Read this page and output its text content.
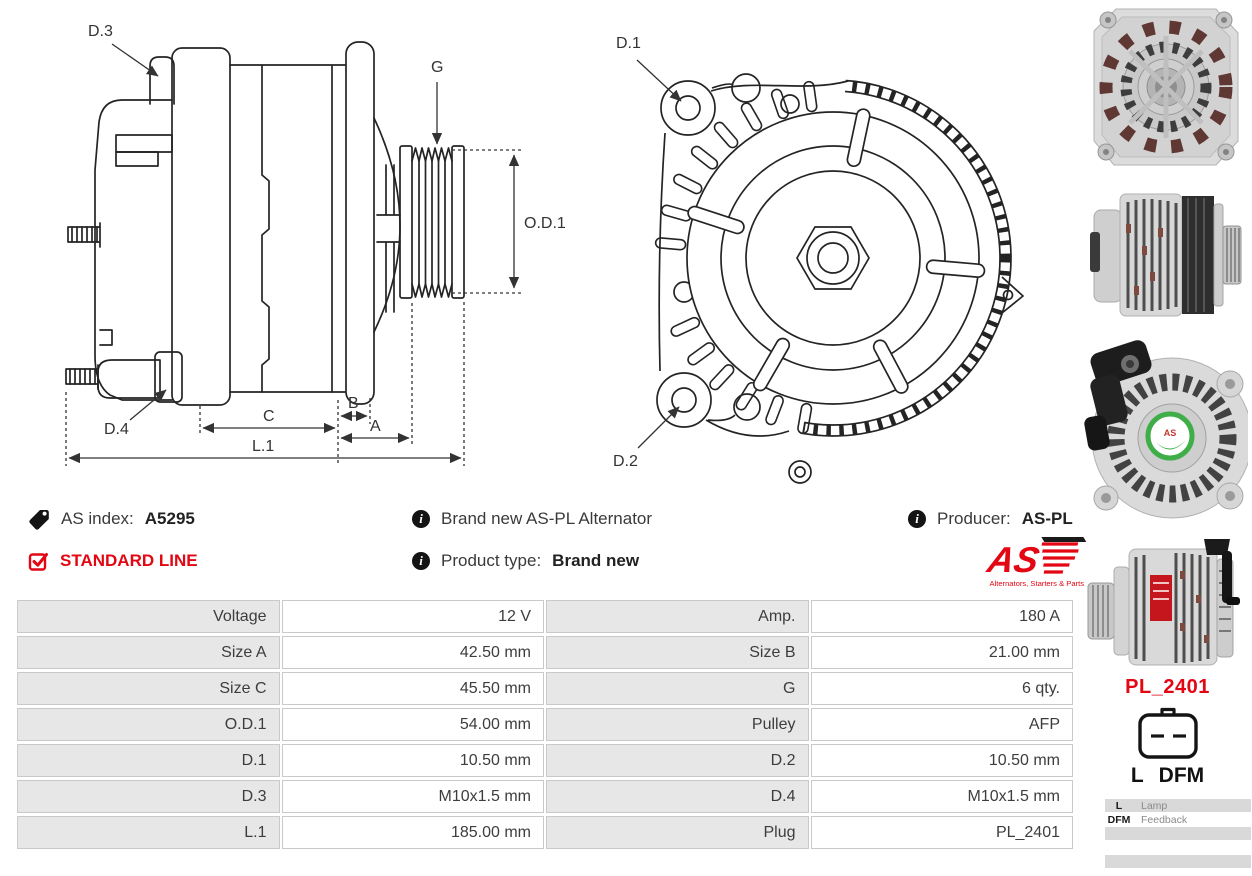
D.3
G
O.D.1
D.4
C
B
A
L.1
D.1
D.2
AS index: A5295
STANDARD LINE
i	Brand new AS-PL Alternator
i	Product type: Brand new
i	Producer: AS-PL
AS
Alternators, Starters & Parts
Voltage	12 V	Amp.	180 A
Size A	42.50 mm	Size B	21.00 mm
Size C	45.50 mm	G	6 qty.
O.D.1	54.00 mm	Pulley	AFP
D.1	10.50 mm	D.2	10.50 mm
D.3	M10x1.5 mm	D.4	M10x1.5 mm
L.1	185.00 mm	Plug	PL_2401
AS
PL_2401
L DFM
L	Lamp
DFM	Feedback
